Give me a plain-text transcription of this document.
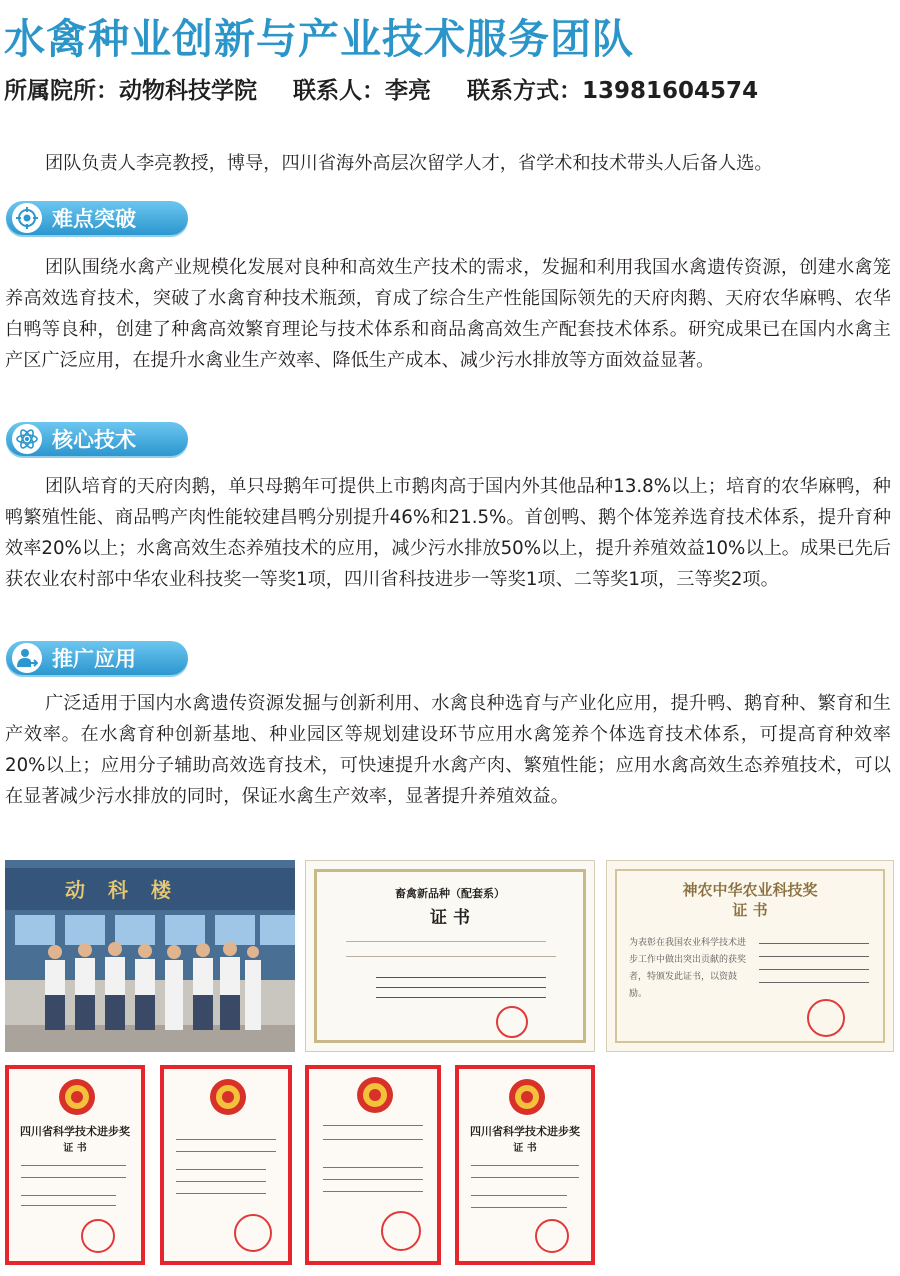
水禽种业创新与产业技术服务团队
所属院所：动物科技学院 联系人：李亮 联系方式：13981604574

团队负责人李亮教授，博导，四川省海外高层次留学人才，省学术和技术带头人后备人选。

难点突破

团队围绕水禽产业规模化发展对良种和高效生产技术的需求，发掘和利用我国水禽遗传资源，创建水禽笼养高效选育技术，突破了水禽育种技术瓶颈，育成了综合生产性能国际领先的天府肉鹅、天府农华麻鸭、农华白鸭等良种，创建了种禽高效繁育理论与技术体系和商品禽高效生产配套技术体系。研究成果已在国内水禽主产区广泛应用，在提升水禽业生产效率、降低生产成本、减少污水排放等方面效益显著。

核心技术

团队培育的天府肉鹅，单只母鹅年可提供上市鹅肉高于国内外其他品种13.8%以上；培育的农华麻鸭，种鸭繁殖性能、商品鸭产肉性能较建昌鸭分别提升46%和21.5%。首创鸭、鹅个体笼养选育技术体系，提升育种效率20%以上；水禽高效生态养殖技术的应用，减少污水排放50%以上，提升养殖效益10%以上。成果已先后获农业农村部中华农业科技奖一等奖1项，四川省科技进步一等奖1项、二等奖1项，三等奖2项。

推广应用

广泛适用于国内水禽遗传资源发掘与创新利用、水禽良种选育与产业化应用，提升鸭、鹅育种、繁育和生产效率。在水禽育种创新基地、种业园区等规划建设环节应用水禽笼养个体选育技术体系，可提高育种效率20%以上；应用分子辅助高效选育技术，可快速提升水禽产肉、繁殖性能；应用水禽高效生态养殖技术，可以在显著减少污水排放的同时，保证水禽生产效率，显著提升养殖效益。

动 科 楼	畜禽新品种（配套系）
证 书
神农中华农业科技奖
证 书
为表彰在我国农业科学技术进步工作中做出突出贡献的获奖者，特颁发此证书，以资鼓励。
四川省科学技术进步奖
证 书
四川省科学技术进步奖
证 书
